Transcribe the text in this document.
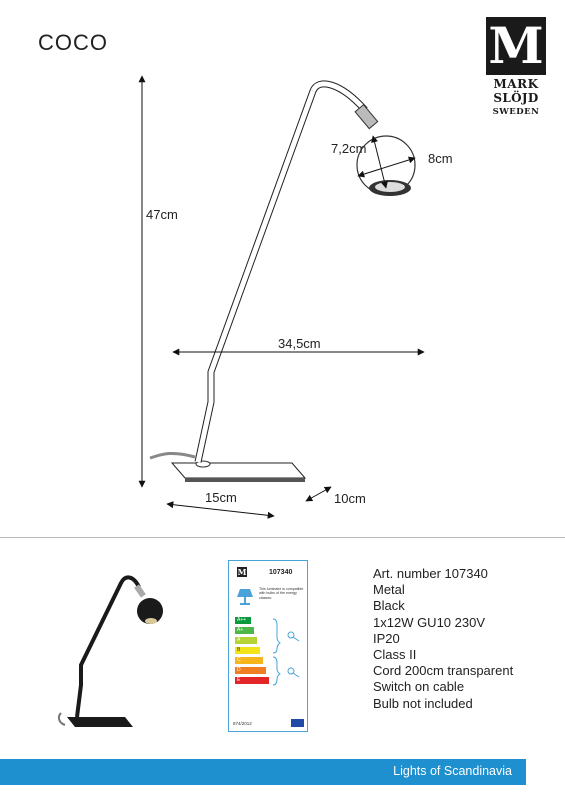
COCO	M
MARK
SLÖJD
SWEDEN
47cm
34,5cm
15cm	10cm
7,2cm
8cm
M	107340
This luminaire is compatible with bulbs of the energy classes:
A++
A+
A
B
C
D
E
874/2012
Art. number 107340
Metal
Black
1x12W GU10 230V
IP20
Class II
Cord 200cm transparent
Switch on cable
Bulb not included
Lights of Scandinavia
